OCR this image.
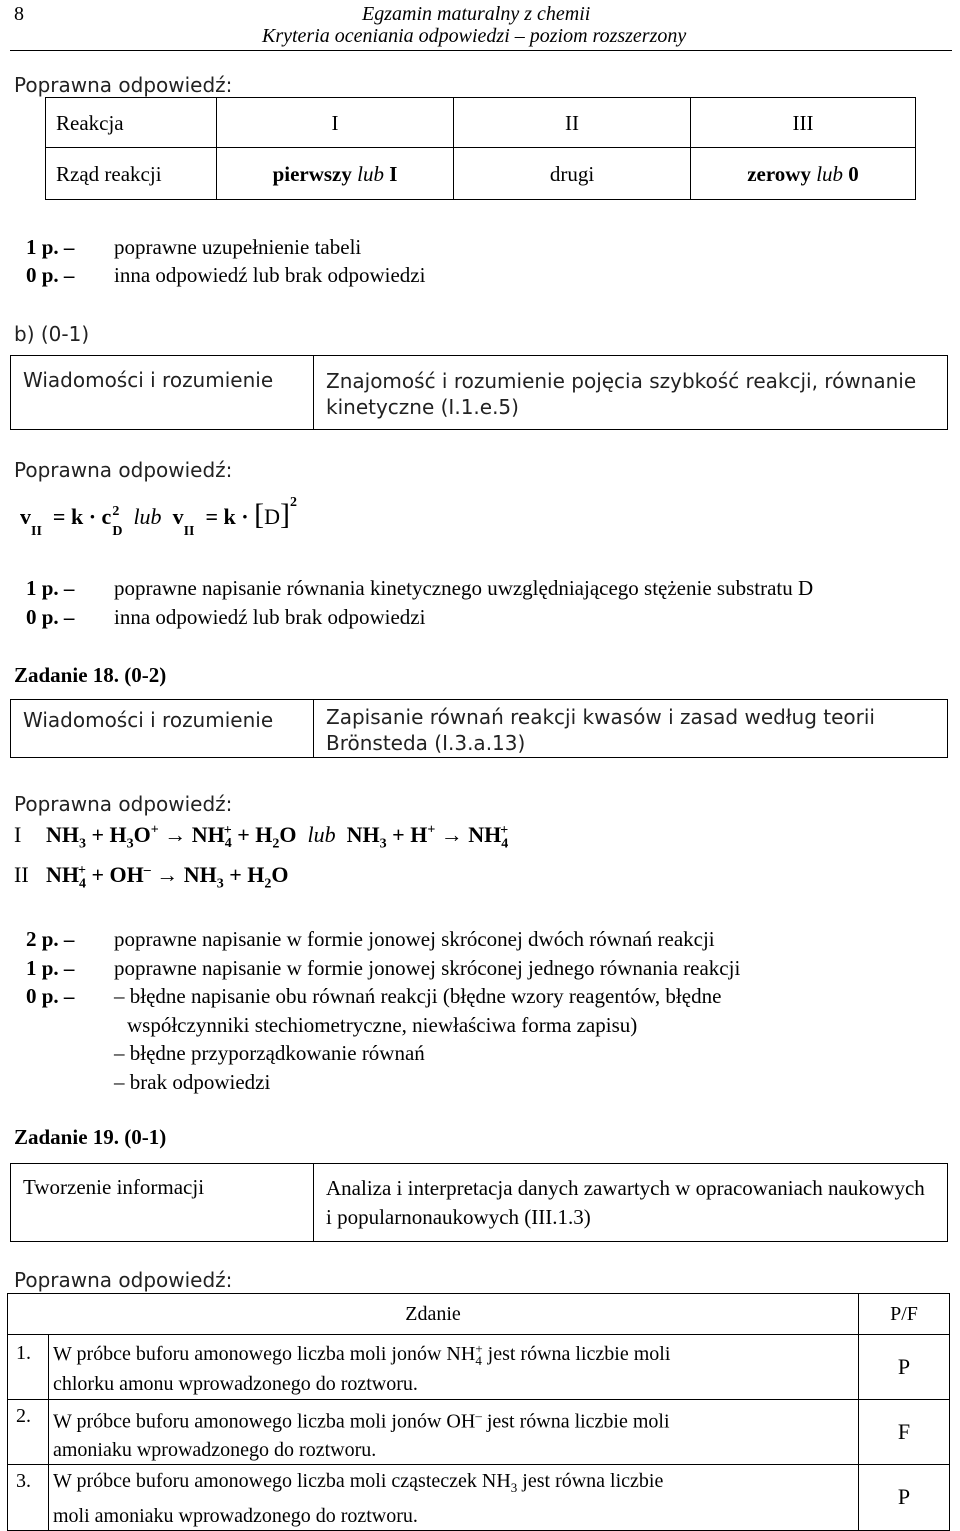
8	Egzamin maturalny z chemii
Kryteria oceniania odpowiedzi – poziom rozszerzony
Poprawna odpowiedź:
Reakcja	I	II	III
Rząd reakcji	pierwszy lub I	drugi	zerowy lub 0
1 p. – poprawne uzupełnienie tabeli
0 p. – inna odpowiedź lub brak odpowiedzi
b) (0-1)
Wiadomości i rozumienie	Znajomość i rozumienie pojęcia szybkość reakcji, równanie kinetyczne (I.1.e.5)
Poprawna odpowiedź:
$v_{II} = k \cdot c2$
D  lub $v_{II} = k \cdot [D]^2$
1 p. – poprawne napisanie równania kinetycznego uwzględniającego stężenie substratu D
0 p. – inna odpowiedź lub brak odpowiedzi
Zadanie 18. (0-2)
Wiadomości i rozumienie	Zapisanie równań reakcji kwasów i zasad według teorii Brönsteda (I.3.a.13)
Poprawna odpowiedź:
I $NH_3 + H_3O^+ \to NH_4^+ + H_2O$ lub $NH_3 + H^+ \to NH_4^+$
II $NH_4^+ + OH^- \to NH_3 + H_2O$
2 p. – poprawne napisanie w formie jonowej skróconej dwóch równań reakcji
1 p. – poprawne napisanie w formie jonowej skróconej jednego równania reakcji
0 p. – – błędne napisanie obu równań reakcji (błędne wzory reagentów, błędne
współczynniki stechiometryczne, niewłaściwa forma zapisu)
– błędne przyporządkowanie równań
– brak odpowiedzi
Zadanie 19. (0-1)
Tworzenie informacji	Analiza i interpretacja danych zawartych w opracowaniach naukowych i popularnonaukowych (III.1.3)
Poprawna odpowiedź:
Zdanie		P/F
1.	W próbce buforu amonowego liczba moli jonów NH+
4 jest równa liczbie moli
chlorku amonu wprowadzonego do roztworu.	P
2.	W próbce buforu amonowego liczba moli jonów OH– jest równa liczbie moli
amoniaku wprowadzonego do roztworu.	F
3.	W próbce buforu amonowego liczba moli cząsteczek $NH_3$ jest równa liczbie
moli amoniaku wprowadzonego do roztworu.	P
